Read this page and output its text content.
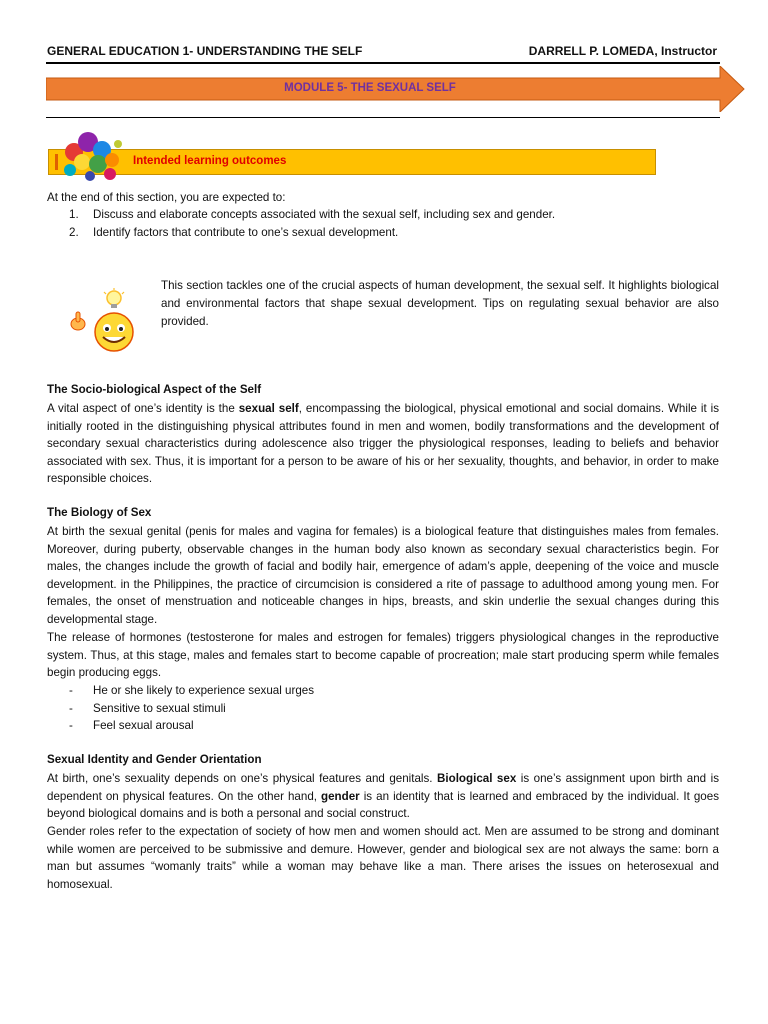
GENERAL EDUCATION 1- UNDERSTANDING THE SELF	DARRELL P. LOMEDA, Instructor
MODULE 5- THE SEXUAL SELF
Intended learning outcomes
At the end of this section, you are expected to:
1. Discuss and elaborate concepts associated with the sexual self, including sex and gender.
2. Identify factors that contribute to one’s sexual development.
This section tackles one of the crucial aspects of human development, the sexual self. It highlights biological and environmental factors that shape sexual development. Tips on regulating sexual behavior are also provided.
The Socio-biological Aspect of the Self
A vital aspect of one’s identity is the sexual self, encompassing the biological, physical emotional and social domains. While it is initially rooted in the distinguishing physical attributes found in men and women, bodily transformations and the development of secondary sexual characteristics during adolescence also trigger the physiological responses, leading to beliefs and behavior associated with sex. Thus, it is important for a person to be aware of his or her sexuality, thoughts, and behavior, in order to make responsible choices.
The Biology of Sex
At birth the sexual genital (penis for males and vagina for females) is a biological feature that distinguishes males from females. Moreover, during puberty, observable changes in the human body also known as secondary sexual characteristics begin. For males, the changes include the growth of facial and bodily hair, emergence of adam’s apple, deepening of the voice and muscle development. in the Philippines, the practice of circumcision is considered a rite of passage to adulthood among young men. For females, the onset of menstruation and noticeable changes in hips, breasts, and skin underlie the sexual changes during this developmental stage.
The release of hormones (testosterone for males and estrogen for females) triggers physiological changes in the reproductive system. Thus, at this stage, males and females start to become capable of procreation; male start producing sperm while females begin producing eggs.
- He or she likely to experience sexual urges
- Sensitive to sexual stimuli
- Feel sexual arousal
Sexual Identity and Gender Orientation
At birth, one’s sexuality depends on one’s physical features and genitals. Biological sex is one’s assignment upon birth and is dependent on physical features. On the other hand, gender is an identity that is learned and embraced by the individual. It goes beyond biological domains and is both a personal and social construct.
Gender roles refer to the expectation of society of how men and women should act. Men are assumed to be strong and dominant while women are perceived to be submissive and demure. However, gender and biological sex are not always the same: born a man but assumes “womanly traits” while a woman may behave like a man. There arises the issues on heterosexual and homosexual.
